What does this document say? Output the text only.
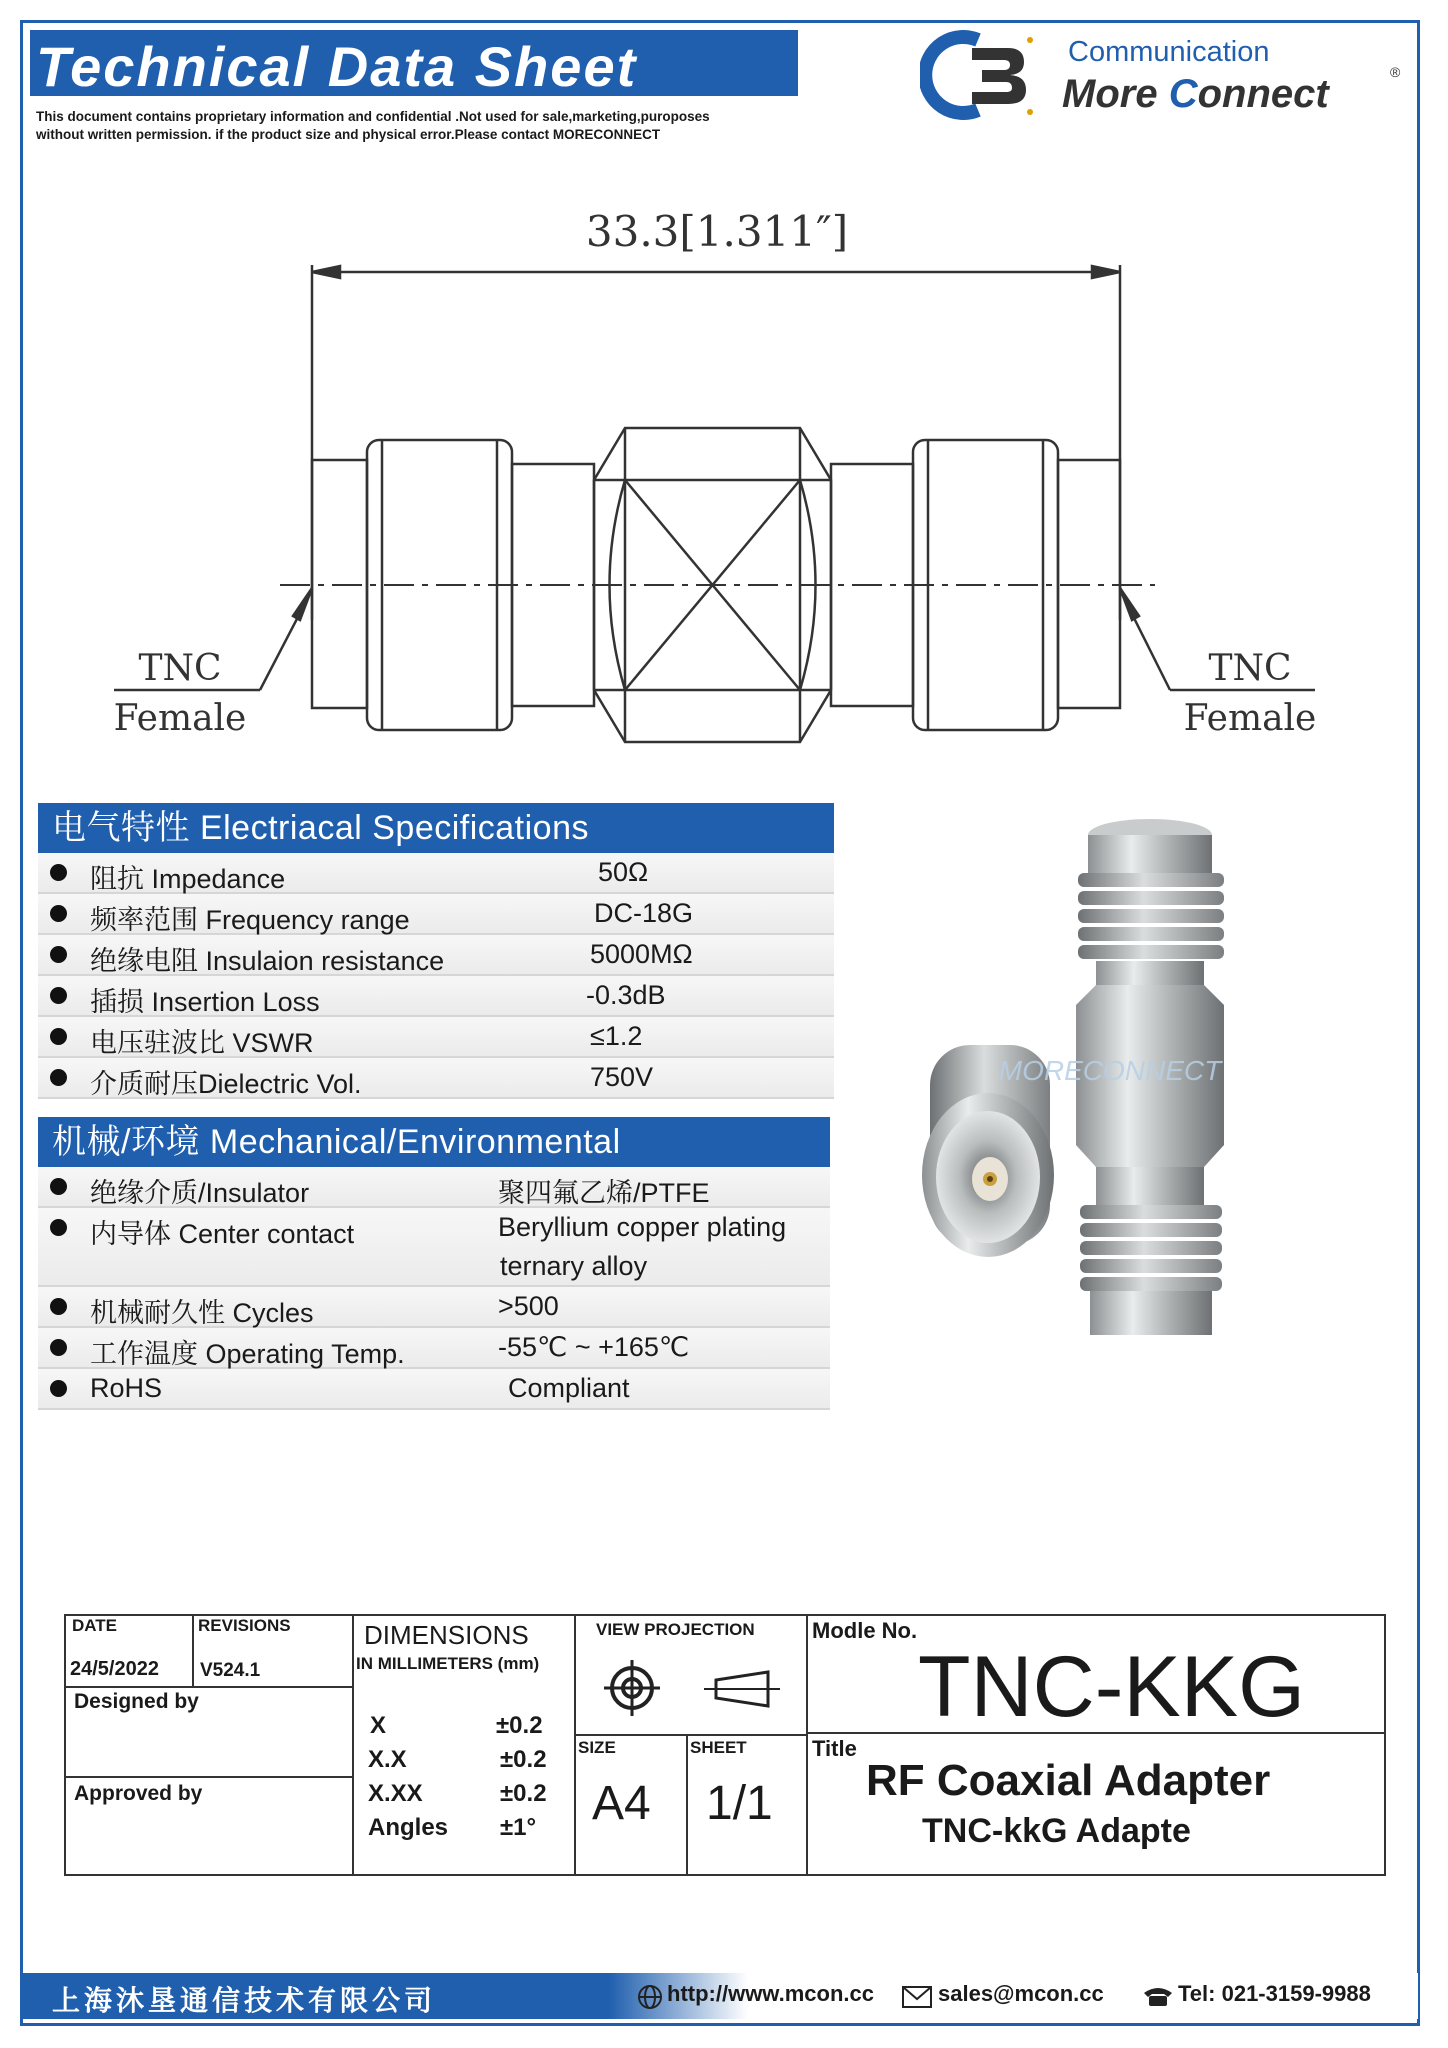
Technical Data Sheet
This document contains proprietary information and confidential .Not used for sale,marketing,puroposes
without written permission. if the product size and physical error.Please contact MORECONNECT
Communication
More Connect	®
33.3[1.311″]
TNC
Female
TNC
Female
电气特性 Electriacal Specifications
阻抗 Impedance	50Ω
频率范围 Frequency range	DC-18G
绝缘电阻 Insulaion resistance	5000MΩ
插损 Insertion Loss	-0.3dB
电压驻波比 VSWR	≤1.2
介质耐压Dielectric Vol.	750V
机械/环境 Mechanical/Environmental
绝缘介质/Insulator	聚四氟乙烯/PTFE
内导体 Center contact	Beryllium copper plating
ternary alloy
机械耐久性 Cycles	>500
工作温度 Operating Temp.	-55℃ ~ +165℃
RoHS	Compliant
MORECONNECT
DATE
24/5/2022
REVISIONS
V524.1
Designed by
Approved by
DIMENSIONS
IN MILLIMETERS (mm)
X	±0.2
X.X	±0.2
X.XX	±0.2
Angles ±1°
VIEW PROJECTION
SIZE
A4
SHEET
1/1
Modle No.
TNC-KKG
Title
RF Coaxial Adapter
TNC-kkG Adapte
上海沐垦通信技术有限公司	http://www.mcon.cc	sales@mcon.cc	Tel: 021-3159-9988
